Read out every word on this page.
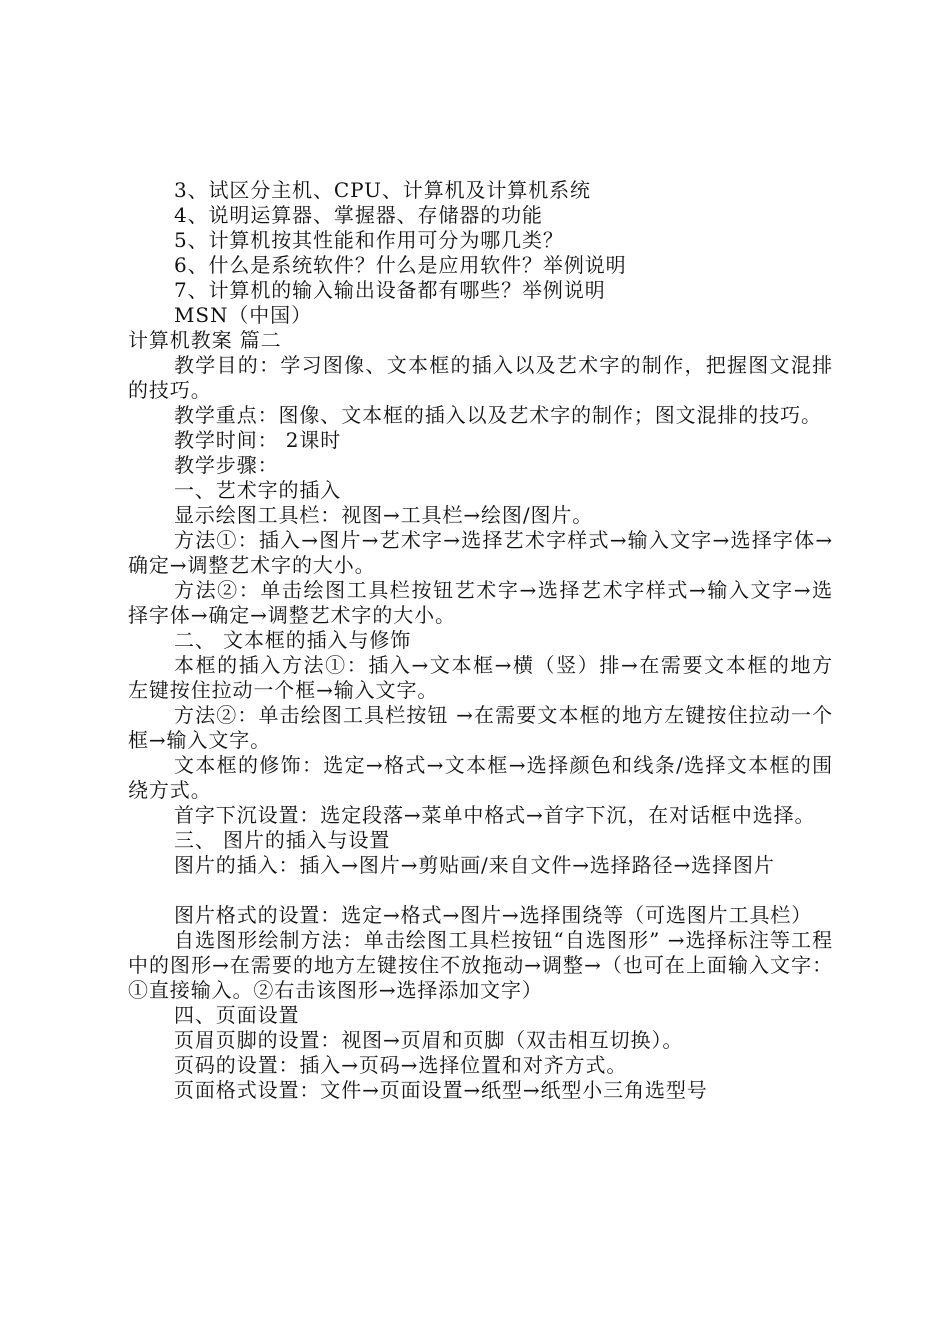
3、试区分主机、CPU、计算机及计算机系统

4、说明运算器、掌握器、存储器的功能

5、计算机按其性能和作用可分为哪几类？

6、什么是系统软件？什么是应用软件？举例说明

7、计算机的输入输出设备都有哪些？举例说明

MSN（中国）

计算机教案 篇二

教学目的：学习图像、文本框的插入以及艺术字的制作，把握图文混排的技巧。

教学重点：图像、文本框的插入以及艺术字的制作；图文混排的技巧。

教学时间： 2课时

教学步骤：

一、艺术字的插入

显示绘图工具栏：视图→工具栏→绘图/图片。

方法①：插入→图片→艺术字→选择艺术字样式→输入文字→选择字体→确定→调整艺术字的大小。

方法②：单击绘图工具栏按钮艺术字→选择艺术字样式→输入文字→选择字体→确定→调整艺术字的大小。

二、 文本框的插入与修饰

本框的插入方法①：插入→文本框→横（竖）排→在需要文本框的地方左键按住拉动一个框→输入文字。

方法②：单击绘图工具栏按钮 →在需要文本框的地方左键按住拉动一个框→输入文字。

文本框的修饰：选定→格式→文本框→选择颜色和线条/选择文本框的围绕方式。

首字下沉设置：选定段落→菜单中格式→首字下沉，在对话框中选择。

三、 图片的插入与设置

图片的插入：插入→图片→剪贴画/来自文件→选择路径→选择图片

图片格式的设置：选定→格式→图片→选择围绕等（可选图片工具栏）

自选图形绘制方法：单击绘图工具栏按钮“自选图形” →选择标注等工程中的图形→在需要的地方左键按住不放拖动→调整→（也可在上面输入文字：①直接输入。②右击该图形→选择添加文字）

四、页面设置

页眉页脚的设置：视图→页眉和页脚（双击相互切换）。

页码的设置：插入→页码→选择位置和对齐方式。

页面格式设置：文件→页面设置→纸型→纸型小三角选型号
